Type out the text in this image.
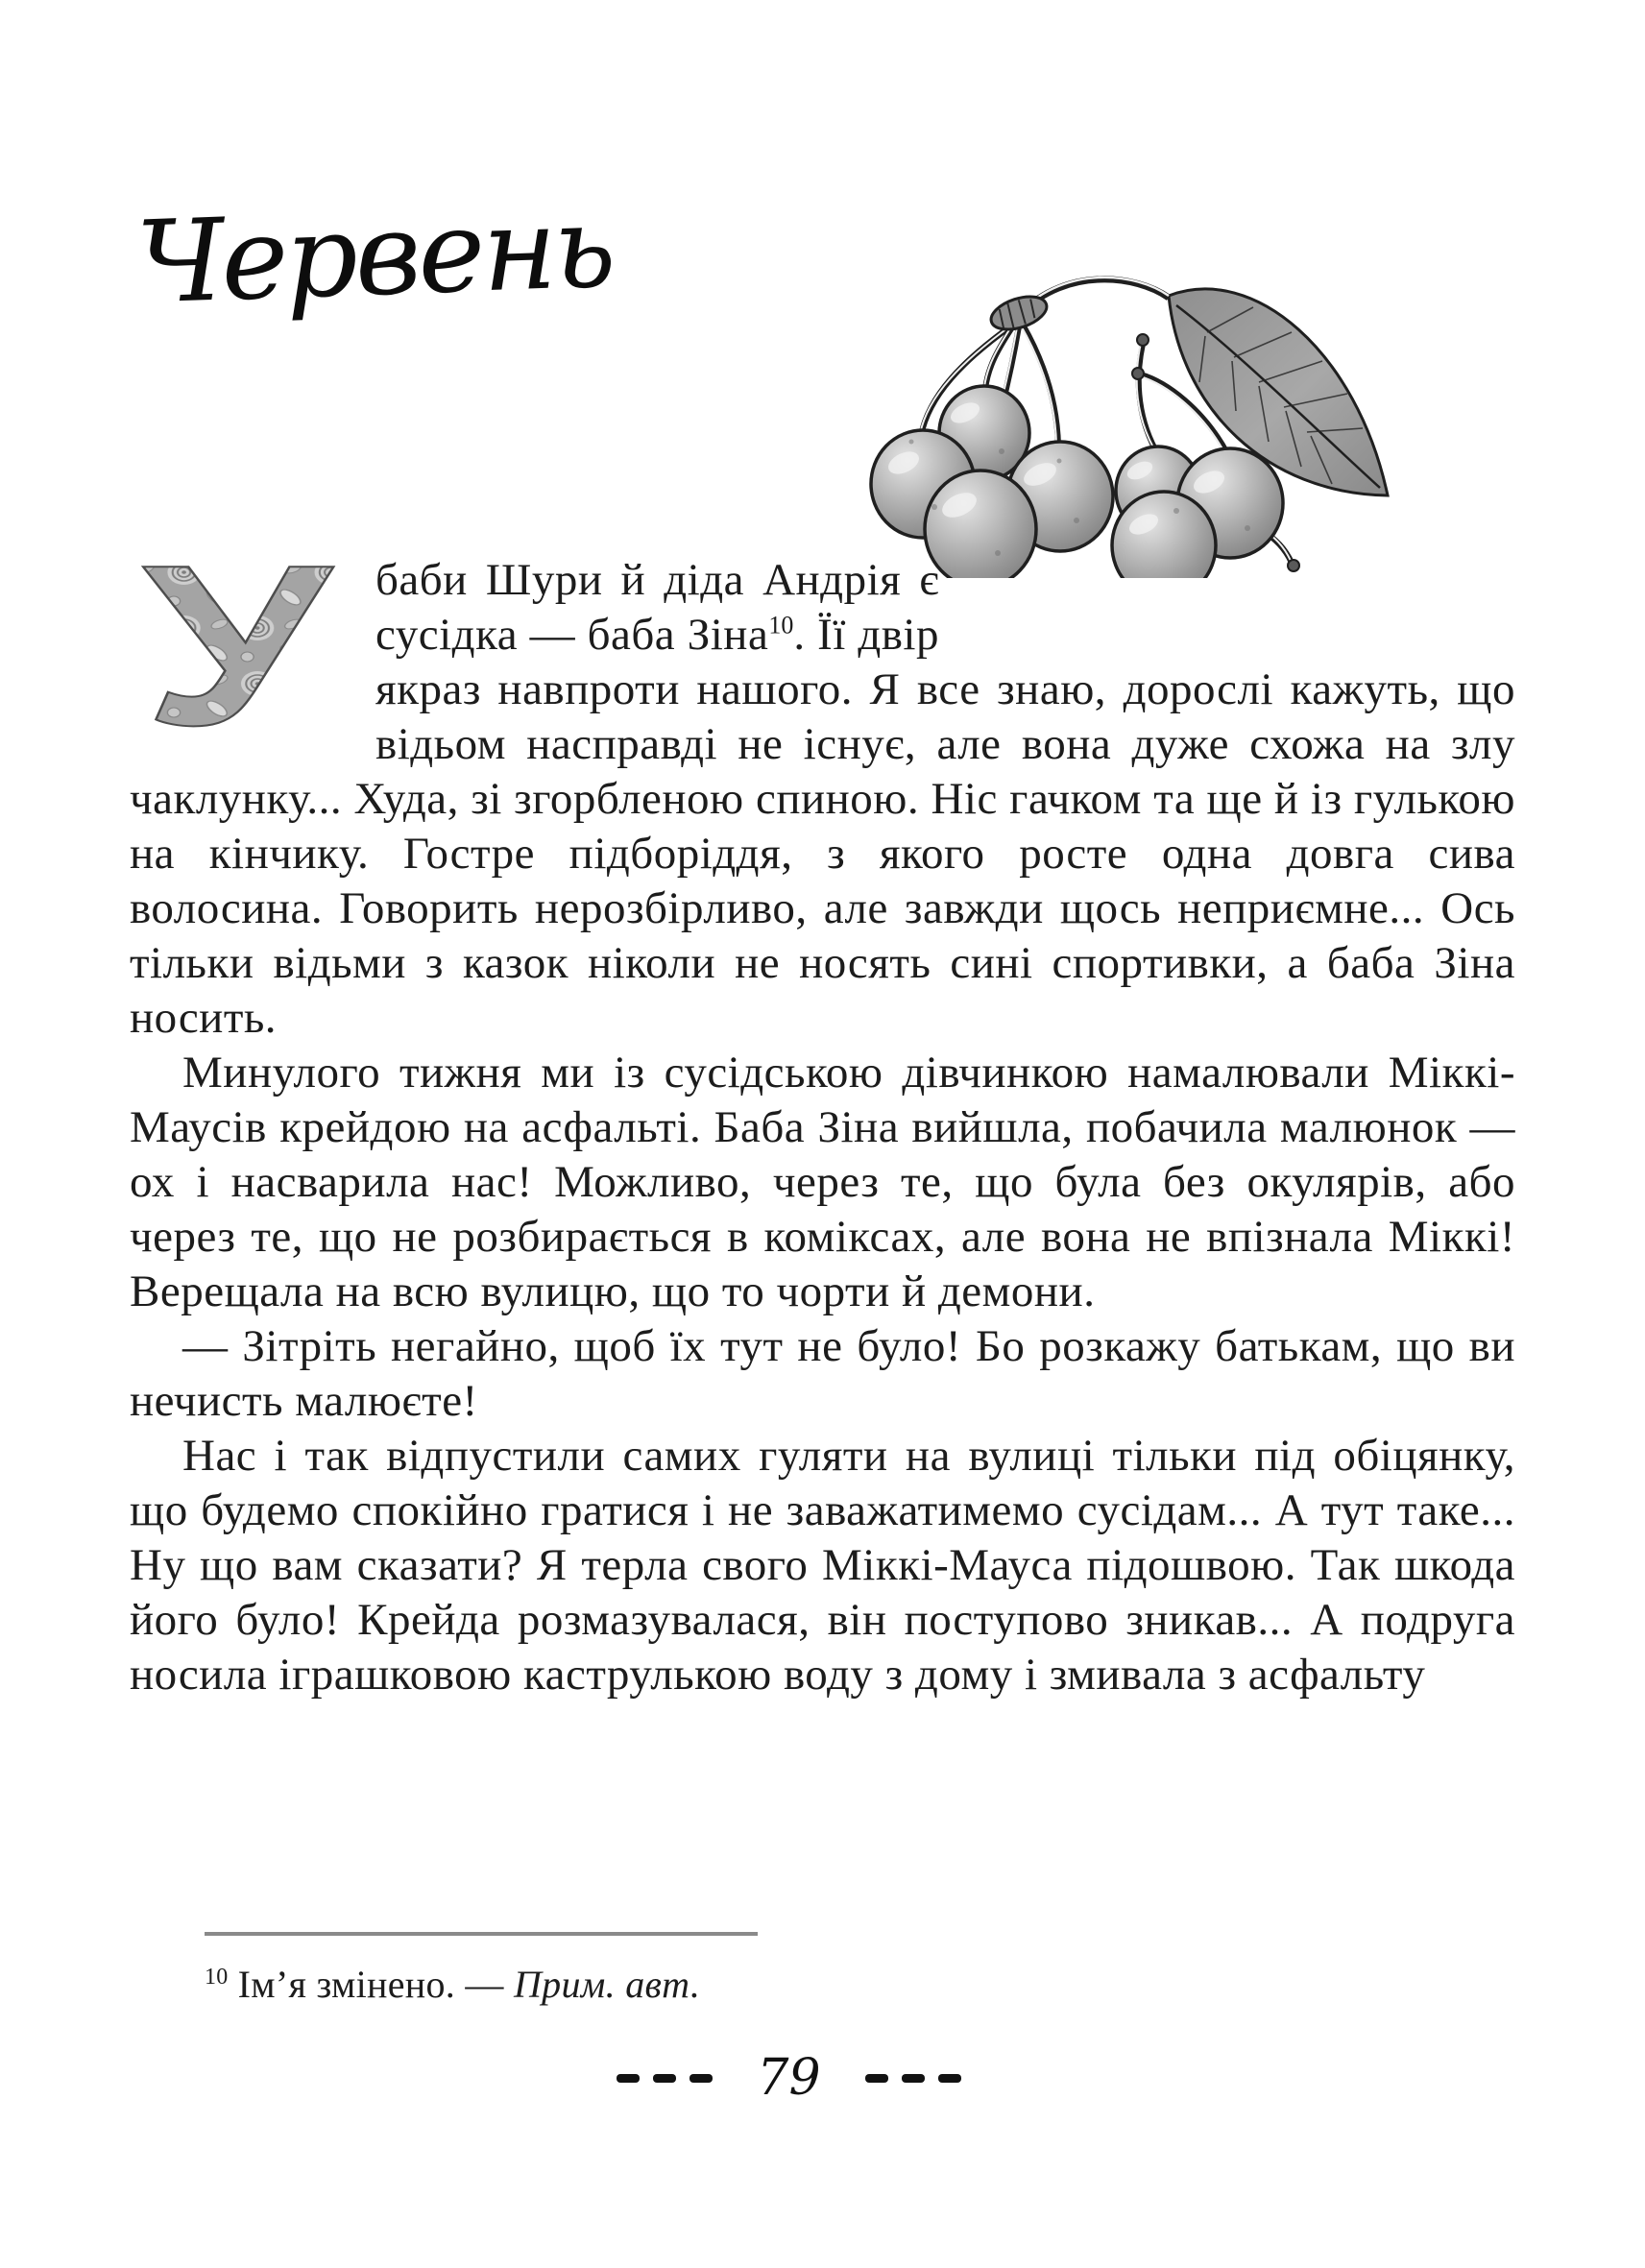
Червень

У баби Шури й діда Андрія є сусідка — баба Зіна$^{10}$. Її двір якраз навпроти нашого. Я все знаю, дорослі кажуть, що відьом насправді не існує, але вона дуже схожа на злу чаклунку... Худа, зі згорбленою спиною. Ніс гачком та ще й із гулькою на кінчику. Гостре підборіддя, з якого росте одна довга сива волосина. Говорить нерозбірливо, але завжди щось неприємне... Ось тільки відьми з казок ніколи не носять сині спортивки, а баба Зіна носить.

Минулого тижня ми із сусідською дівчинкою намалювали Міккі-Маусів крейдою на асфальті. Баба Зіна вийшла, побачила малюнок — ох і насварила нас! Можливо, через те, що була без окулярів, або через те, що не розбирається в коміксах, але вона не впізнала Міккі! Верещала на всю вулицю, що то чорти й демони.

— Зітріть негайно, щоб їх тут не було! Бо розкажу батькам, що ви нечисть малюєте!

Нас і так відпустили самих гуляти на вулиці тільки під обіцянку, що будемо спокійно гратися і не заважатимемо сусідам... А тут таке... Ну що вам сказати? Я терла свого Міккі-Мауса підошвою. Так шкода його було! Крейда розмазувалася, він поступово зникав... А подруга носила іграшковою каструлькою воду з дому і змивала з асфальту

$^{10}$ Ім’я змінено. — Прим. авт.

79
